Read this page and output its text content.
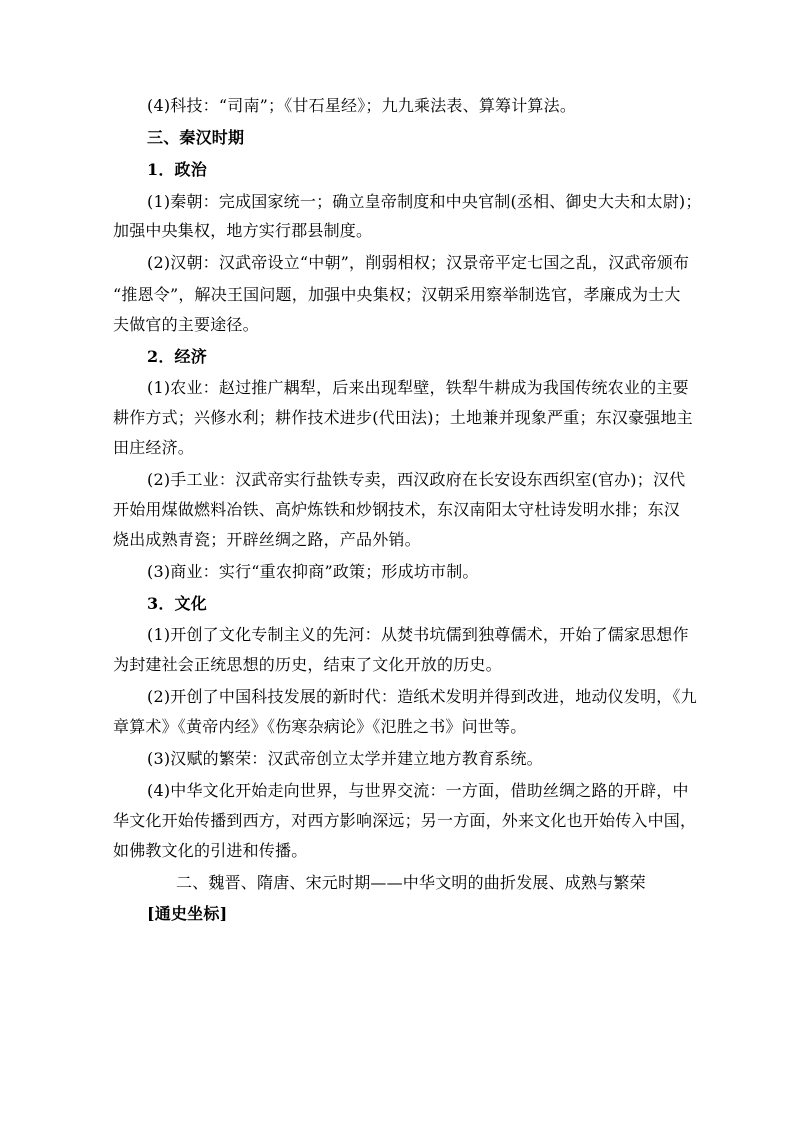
(4)科技：“司南”；《甘石星经》；九九乘法表、算筹计算法。
三、秦汉时期
1．政治
(1)秦朝：完成国家统一；确立皇帝制度和中央官制(丞相、御史大夫和太尉)；
加强中央集权，地方实行郡县制度。
(2)汉朝：汉武帝设立“中朝”，削弱相权；汉景帝平定七国之乱，汉武帝颁布
“推恩令”，解决王国问题，加强中央集权；汉朝采用察举制选官，孝廉成为士大
夫做官的主要途径。
2．经济
(1)农业：赵过推广耦犁，后来出现犁壁，铁犁牛耕成为我国传统农业的主要
耕作方式；兴修水利；耕作技术进步(代田法)；土地兼并现象严重；东汉豪强地主
田庄经济。
(2)手工业：汉武帝实行盐铁专卖，西汉政府在长安设东西织室(官办)；汉代
开始用煤做燃料冶铁、高炉炼铁和炒钢技术，东汉南阳太守杜诗发明水排；东汉
烧出成熟青瓷；开辟丝绸之路，产品外销。
(3)商业：实行“重农抑商”政策；形成坊市制。
3．文化
(1)开创了文化专制主义的先河：从焚书坑儒到独尊儒术，开始了儒家思想作
为封建社会正统思想的历史，结束了文化开放的历史。
(2)开创了中国科技发展的新时代：造纸术发明并得到改进，地动仪发明，《九
章算术》《黄帝内经》《伤寒杂病论》《氾胜之书》问世等。
(3)汉赋的繁荣：汉武帝创立太学并建立地方教育系统。
(4)中华文化开始走向世界，与世界交流：一方面，借助丝绸之路的开辟，中
华文化开始传播到西方，对西方影响深远；另一方面，外来文化也开始传入中国，
如佛教文化的引进和传播。
二、魏晋、隋唐、宋元时期——中华文明的曲折发展、成熟与繁荣
[通史坐标]
